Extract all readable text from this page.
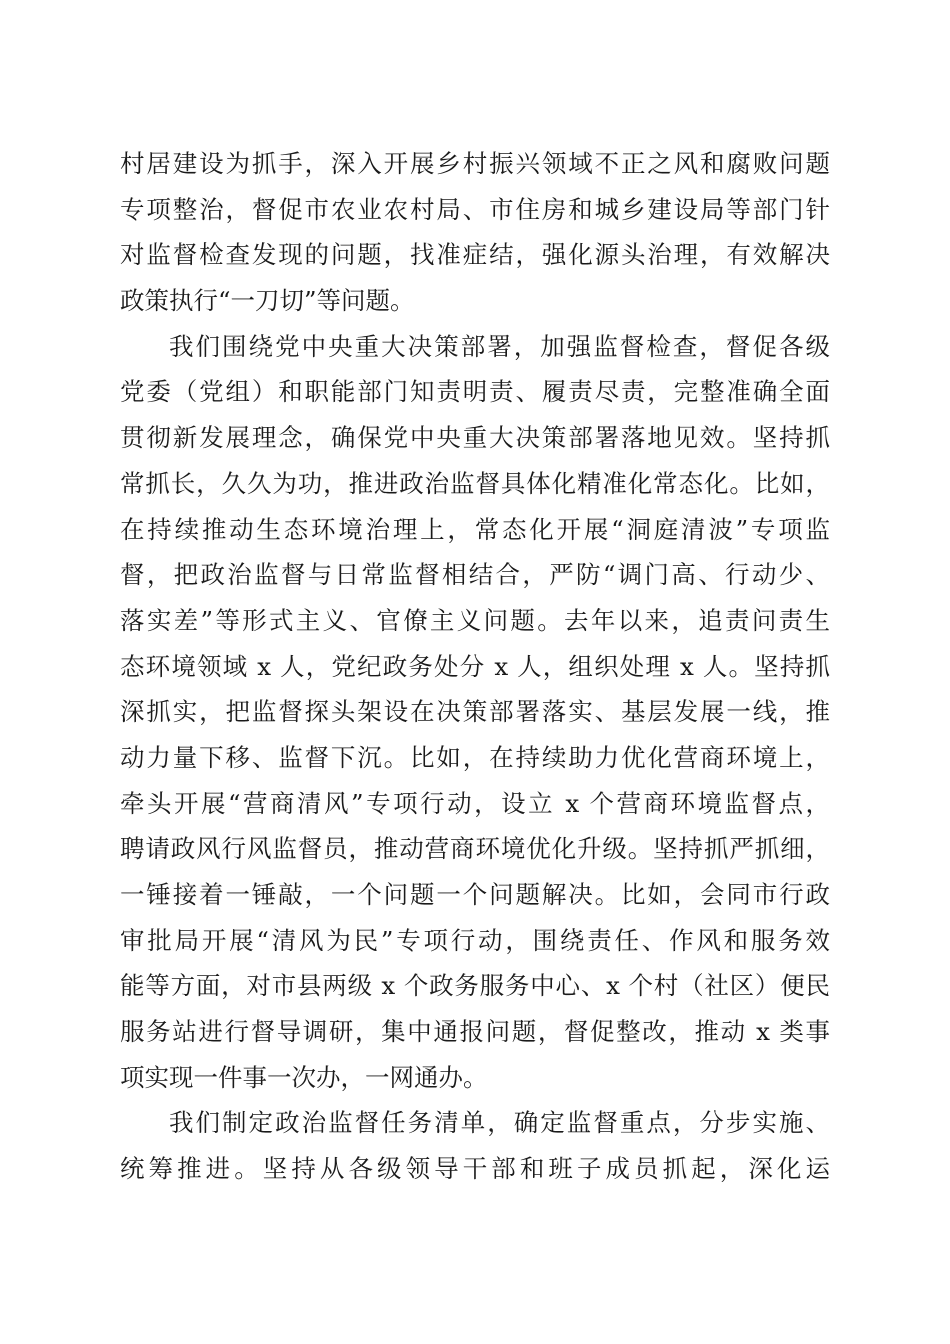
村居建设为抓手，深入开展乡村振兴领域不正之风和腐败问题
专项整治，督促市农业农村局、市住房和城乡建设局等部门针
对监督检查发现的问题，找准症结，强化源头治理，有效解决
政策执行“一刀切”等问题。
我们围绕党中央重大决策部署，加强监督检查，督促各级
党委（党组）和职能部门知责明责、履责尽责，完整准确全面
贯彻新发展理念，确保党中央重大决策部署落地见效。坚持抓
常抓长，久久为功，推进政治监督具体化精准化常态化。比如，
在持续推动生态环境治理上，常态化开展“洞庭清波”专项监
督，把政治监督与日常监督相结合，严防“调门高、行动少、
落实差”等形式主义、官僚主义问题。去年以来，追责问责生
态环境领域 x 人，党纪政务处分 x 人，组织处理 x 人。坚持抓
深抓实，把监督探头架设在决策部署落实、基层发展一线，推
动力量下移、监督下沉。比如，在持续助力优化营商环境上，
牵头开展“营商清风”专项行动，设立 x 个营商环境监督点，
聘请政风行风监督员，推动营商环境优化升级。坚持抓严抓细，
一锤接着一锤敲，一个问题一个问题解决。比如，会同市行政
审批局开展“清风为民”专项行动，围绕责任、作风和服务效
能等方面，对市县两级 x 个政务服务中心、x 个村（社区）便民
服务站进行督导调研，集中通报问题，督促整改，推动 x 类事
项实现一件事一次办，一网通办。
我们制定政治监督任务清单，确定监督重点，分步实施、
统筹推进。坚持从各级领导干部和班子成员抓起，深化运
